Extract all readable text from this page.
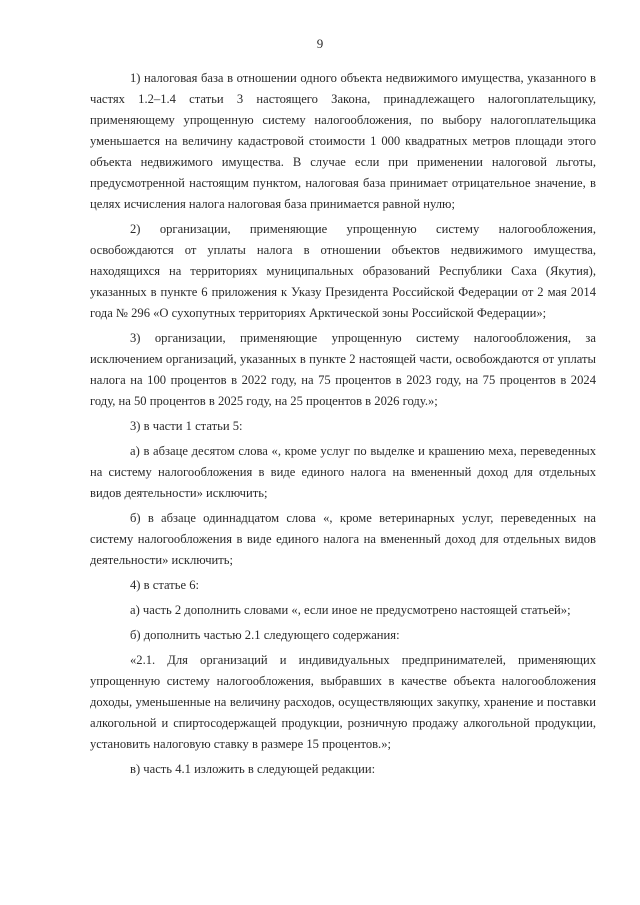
9

1) налоговая база в отношении одного объекта недвижимого имущества, указанного в частях 1.2–1.4 статьи 3 настоящего Закона, принадлежащего налогоплательщику, применяющему упрощенную систему налогообложения, по выбору налогоплательщика уменьшается на величину кадастровой стоимости 1 000 квадратных метров площади этого объекта недвижимого имущества. В случае если при применении налоговой льготы, предусмотренной настоящим пунктом, налоговая база принимает отрицательное значение, в целях исчисления налога налоговая база принимается равной нулю;

2) организации, применяющие упрощенную систему налогообложения, освобождаются от уплаты налога в отношении объектов недвижимого имущества, находящихся на территориях муниципальных образований Республики Саха (Якутия), указанных в пункте 6 приложения к Указу Президента Российской Федерации от 2 мая 2014 года № 296 «О сухопутных территориях Арктической зоны Российской Федерации»;

3) организации, применяющие упрощенную систему налогообложения, за исключением организаций, указанных в пункте 2 настоящей части, освобождаются от уплаты налога на 100 процентов в 2022 году, на 75 процентов в 2023 году, на 75 процентов в 2024 году, на 50 процентов в 2025 году, на 25 процентов в 2026 году.»;

3) в части 1 статьи 5:

а) в абзаце десятом слова «, кроме услуг по выделке и крашению меха, переведенных на систему налогообложения в виде единого налога на вмененный доход для отдельных видов деятельности» исключить;

б) в абзаце одиннадцатом слова «, кроме ветеринарных услуг, переведенных на систему налогообложения в виде единого налога на вмененный доход для отдельных видов деятельности» исключить;

4) в статье 6:

а) часть 2 дополнить словами «, если иное не предусмотрено настоящей статьей»;

б) дополнить частью 2.1 следующего содержания:

«2.1. Для организаций и индивидуальных предпринимателей, применяющих упрощенную систему налогообложения, выбравших в качестве объекта налогообложения доходы, уменьшенные на величину расходов, осуществляющих закупку, хранение и поставки алкогольной и спиртосодержащей продукции, розничную продажу алкогольной продукции, установить налоговую ставку в размере 15 процентов.»;

в) часть 4.1 изложить в следующей редакции:
